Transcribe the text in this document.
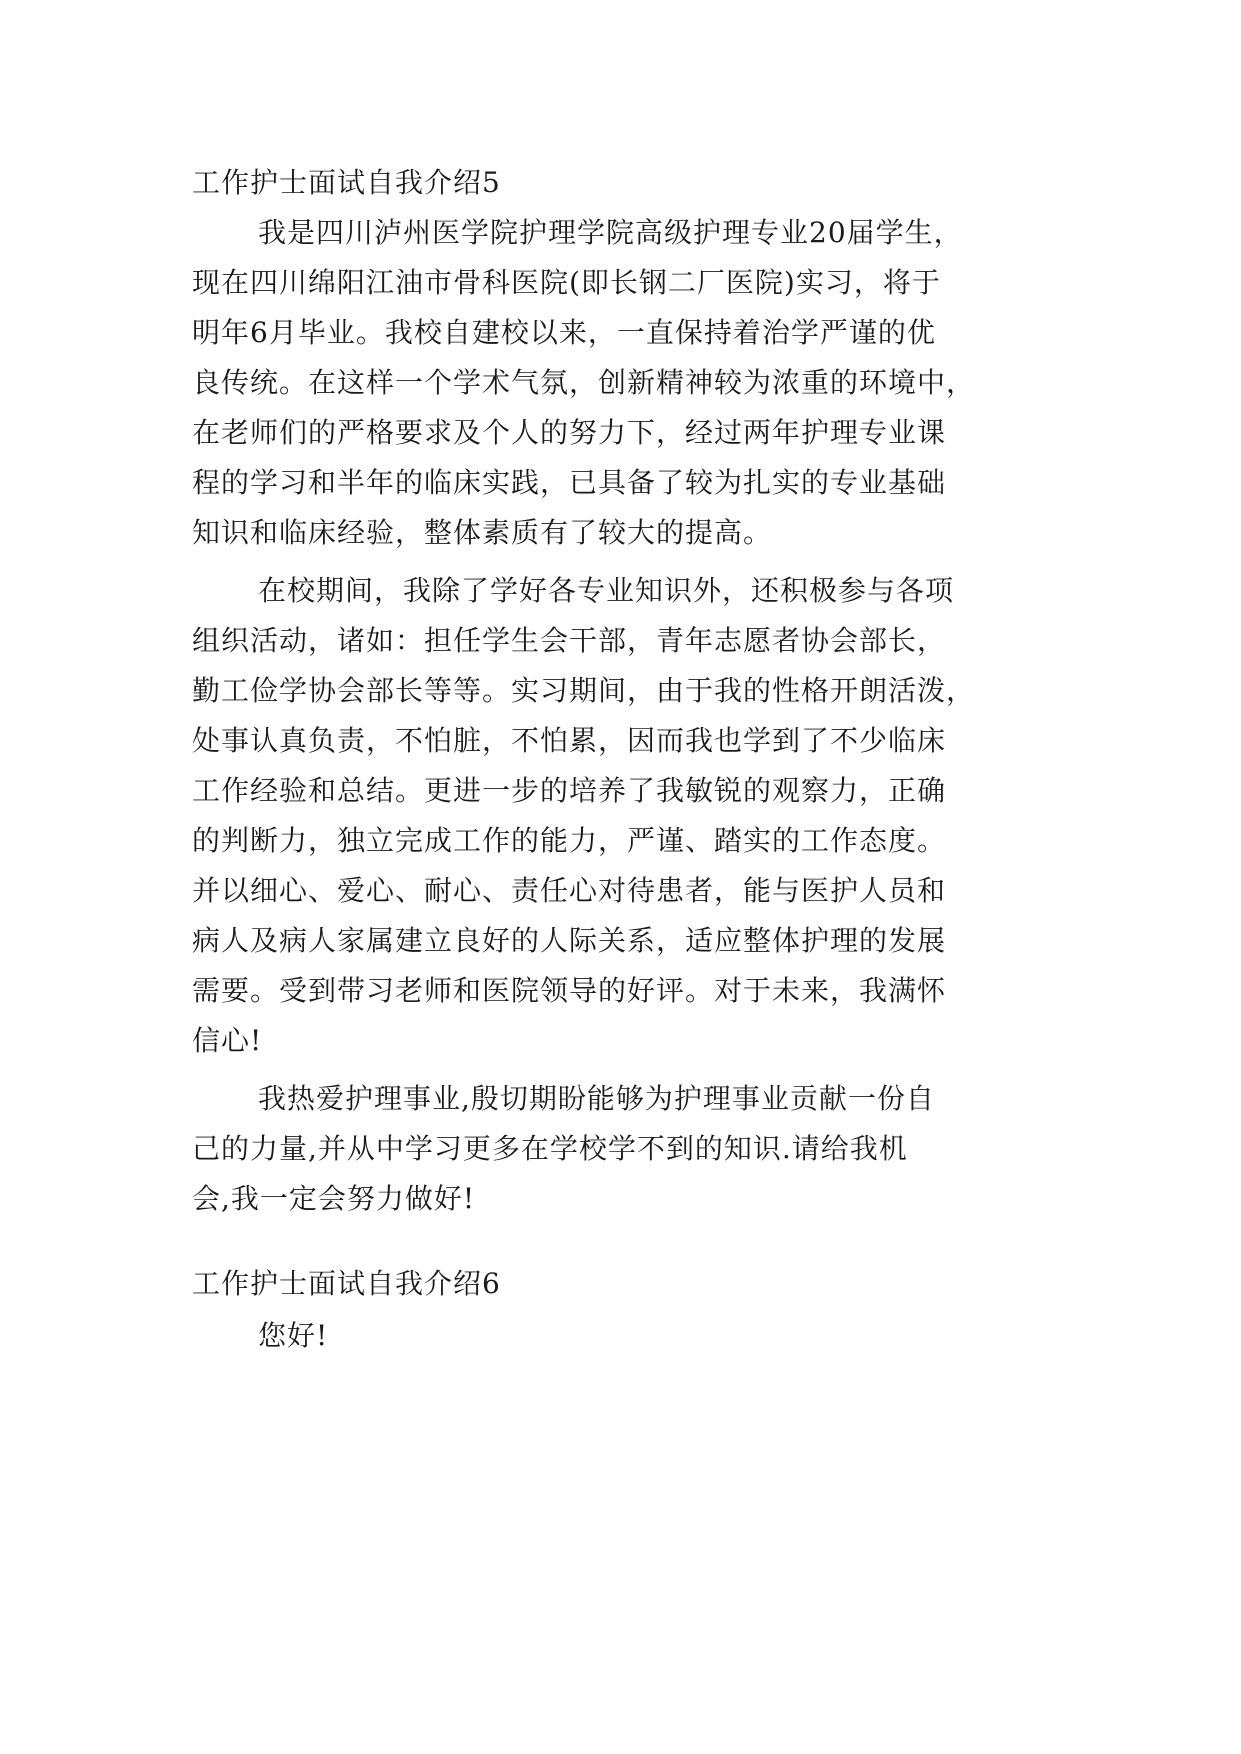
工作护士面试自我介绍5
我是四川泸州医学院护理学院高级护理专业20届学生，
现在四川绵阳江油市骨科医院(即长钢二厂医院)实习，将于
明年6月毕业。我校自建校以来，一直保持着治学严谨的优
良传统。在这样一个学术气氛，创新精神较为浓重的环境中，
在老师们的严格要求及个人的努力下，经过两年护理专业课
程的学习和半年的临床实践，已具备了较为扎实的专业基础
知识和临床经验，整体素质有了较大的提高。
在校期间，我除了学好各专业知识外，还积极参与各项
组织活动，诸如：担任学生会干部，青年志愿者协会部长，
勤工俭学协会部长等等。实习期间，由于我的性格开朗活泼，
处事认真负责，不怕脏，不怕累，因而我也学到了不少临床
工作经验和总结。更进一步的培养了我敏锐的观察力，正确
的判断力，独立完成工作的能力，严谨、踏实的工作态度。
并以细心、爱心、耐心、责任心对待患者，能与医护人员和
病人及病人家属建立良好的人际关系，适应整体护理的发展
需要。受到带习老师和医院领导的好评。对于未来，我满怀
信心!
我热爱护理事业,殷切期盼能够为护理事业贡献一份自
己的力量,并从中学习更多在学校学不到的知识.请给我机
会,我一定会努力做好!
工作护士面试自我介绍6
您好!
